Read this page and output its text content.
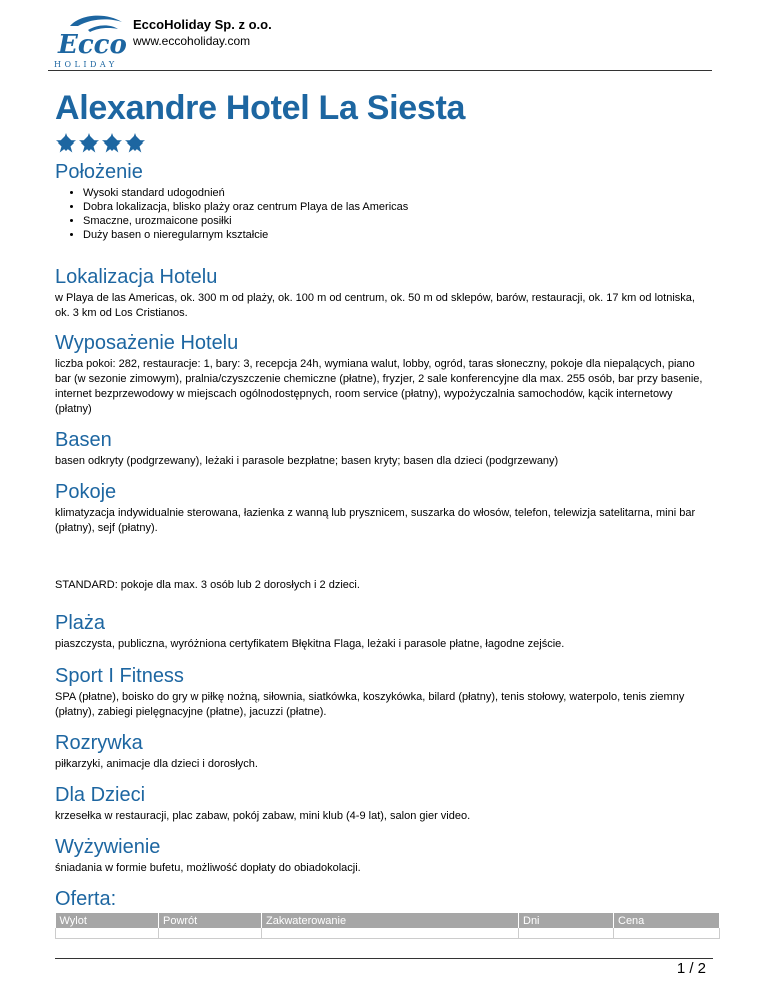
Ecco
HOLIDAY
EccoHoliday Sp. z o.o.
www.eccoholiday.com
Alexandre Hotel La Siesta
Położenie
• Wysoki standard udogodnień
• Dobra lokalizacja, blisko plaży oraz centrum Playa de las Americas
• Smaczne, urozmaicone posiłki
• Duży basen o nieregularnym kształcie
Lokalizacja Hotelu

w Playa de las Americas, ok. 300 m od plaży, ok. 100 m od centrum, ok. 50 m od sklepów, barów, restauracji, ok. 17 km od lotniska, ok. 3 km od Los Cristianos.

Wyposażenie Hotelu

liczba pokoi: 282, restauracje: 1, bary: 3, recepcja 24h, wymiana walut, lobby, ogród, taras słoneczny, pokoje dla niepalących, piano bar (w sezonie zimowym), pralnia/czyszczenie chemiczne (płatne), fryzjer, 2 sale konferencyjne dla max. 255 osób, bar przy basenie, internet bezprzewodowy w miejscach ogólnodostępnych, room service (płatny), wypożyczalnia samochodów, kącik internetowy (płatny)

Basen

basen odkryty (podgrzewany), leżaki i parasole bezpłatne; basen kryty; basen dla dzieci (podgrzewany)

Pokoje

klimatyzacja indywidualnie sterowana, łazienka z wanną lub prysznicem, suszarka do włosów, telefon, telewizja satelitarna, mini bar (płatny), sejf (płatny).

STANDARD: pokoje dla max. 3 osób lub 2 dorosłych i 2 dzieci.

Plaża

piaszczysta, publiczna, wyróżniona certyfikatem Błękitna Flaga, leżaki i parasole płatne, łagodne zejście.

Sport I Fitness

SPA (płatne), boisko do gry w piłkę nożną, siłownia, siatkówka, koszykówka, bilard (płatny), tenis stołowy, waterpolo, tenis ziemny (płatny), zabiegi pielęgnacyjne (płatne), jacuzzi (płatne).

Rozrywka

piłkarzyki, animacje dla dzieci i dorosłych.

Dla Dzieci

krzesełka w restauracji, plac zabaw, pokój zabaw, mini klub (4-9 lat), salon gier video.

Wyżywienie

śniadania w formie bufetu, możliwość dopłaty do obiadokolacji.

Oferta:
Wylot	Powrót	Zakwaterowanie	Dni	Cena

1 / 2
